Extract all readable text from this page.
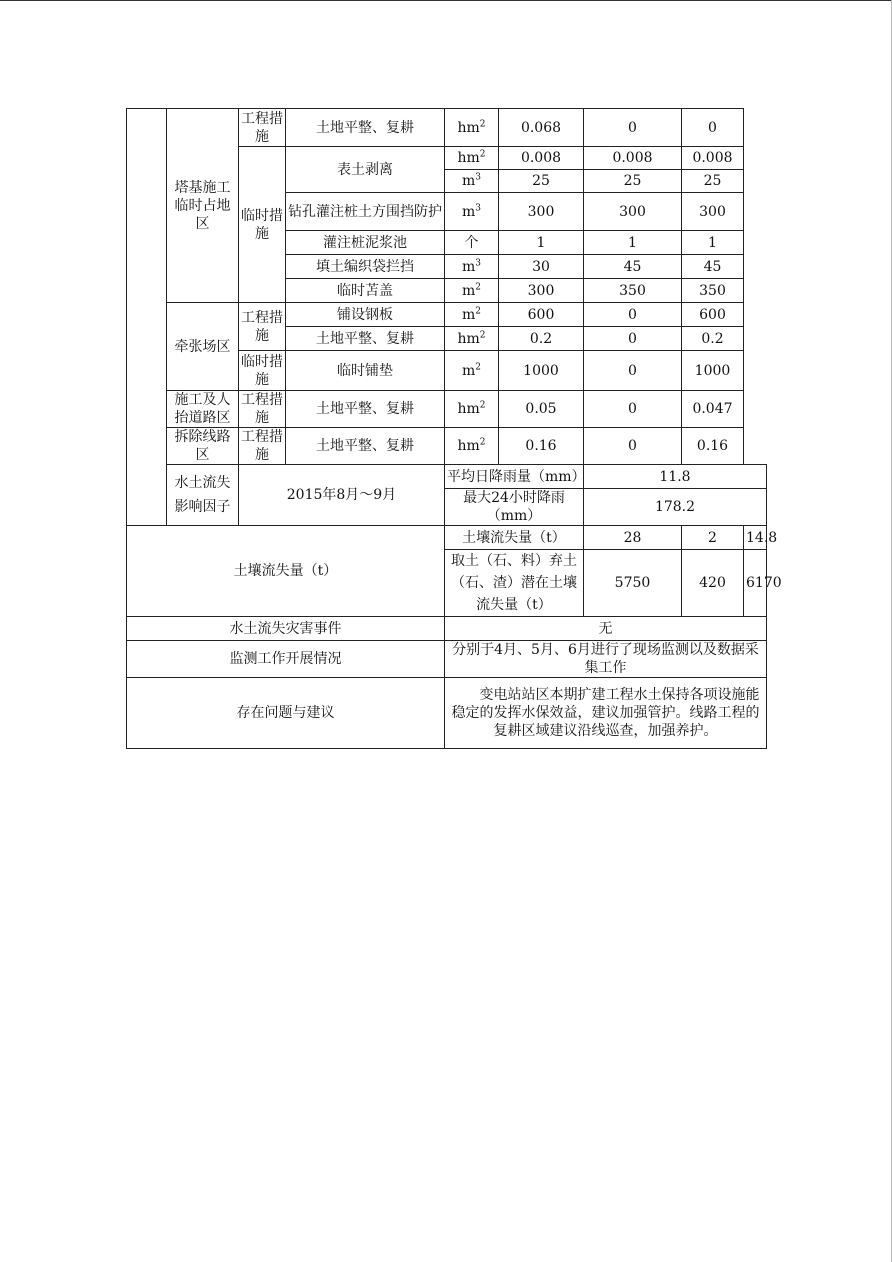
	塔基施工临时占地区	工程措施	土地平整、复耕	$hm^2$	0.068	0	0	
		临时措施	表土剥离	$hm^2$	0.008	0.008	0.008	
				$m^3$	25	25	25	
			钻孔灌注桩土方围挡防护	$m^3$	300	300	300	
			灌注桩泥浆池	个	1	1	1	
			填土编织袋拦挡	$m^3$	30	45	45	
			临时苫盖	$m^2$	300	350	350	
	牵张场区	工程措施	铺设钢板	$m^2$	600	0	600	
			土地平整、复耕	$hm^2$	0.2	0	0.2	
		临时措施	临时铺垫	$m^2$	1000	0	1000	
	施工及人抬道路区	工程措施	土地平整、复耕	$hm^2$	0.05	0	0.047	
	拆除线路区	工程措施	土地平整、复耕	$hm^2$	0.16	0	0.16	
	水土流失影响因子	2015年8月～9月		平均日降雨量（mm）		11.8		
				最大24小时降雨（mm）		178.2		
土壤流失量（t）				土壤流失量（t）		28	2	14.8
				取土（石、料）弃土（石、渣）潜在土壤流失量（t）		5750	420	6170
水土流失灾害事件				无				
监测工作开展情况				分别于4月、5月、6月进行了现场监测以及数据采集工作				
存在问题与建议				变电站站区本期扩建工程水土保持各项设施能稳定的发挥水保效益，建议加强管护。线路工程的复耕区域建议沿线巡查，加强养护。				
